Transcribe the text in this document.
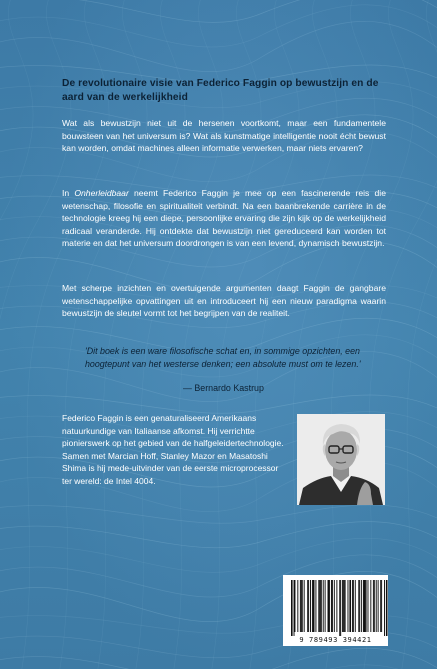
De revolutionaire visie van Federico Faggin op bewustzijn en de aard van de werkelijkheid

Wat als bewustzijn niet uit de hersenen voortkomt, maar een fundamentele bouwsteen van het universum is? Wat als kunstmatige intelligentie nooit écht bewust kan worden, omdat machines alleen informatie verwerken, maar niets ervaren?

In Onherleidbaar neemt Federico Faggin je mee op een fascinerende reis die wetenschap, filosofie en spiritualiteit verbindt. Na een baanbrekende carrière in de technologie kreeg hij een diepe, persoonlijke ervaring die zijn kijk op de werkelijkheid radicaal veranderde. Hij ontdekte dat bewustzijn niet gereduceerd kan worden tot materie en dat het universum doordrongen is van een levend, dynamisch bewustzijn.

Met scherpe inzichten en overtuigende argumenten daagt Faggin de gangbare wetenschappelijke opvattingen uit en introduceert hij een nieuw paradigma waarin bewustzijn de sleutel vormt tot het begrijpen van de realiteit.

'Dit boek is een ware filosofische schat en, in sommige opzichten, een hoogtepunt van het westerse denken; een absolute must om te lezen.'
— Bernardo Kastrup

Federico Faggin is een genaturaliseerd Amerikaans natuurkundige van Italiaanse afkomst. Hij verrichtte pionierswerk op het gebied van de halfgeleidertechnologie. Samen met Marcian Hoff, Stanley Mazor en Masatoshi Shima is hij mede-uitvinder van de eerste microprocessor ter wereld: de Intel 4004.

9 789493 394421
